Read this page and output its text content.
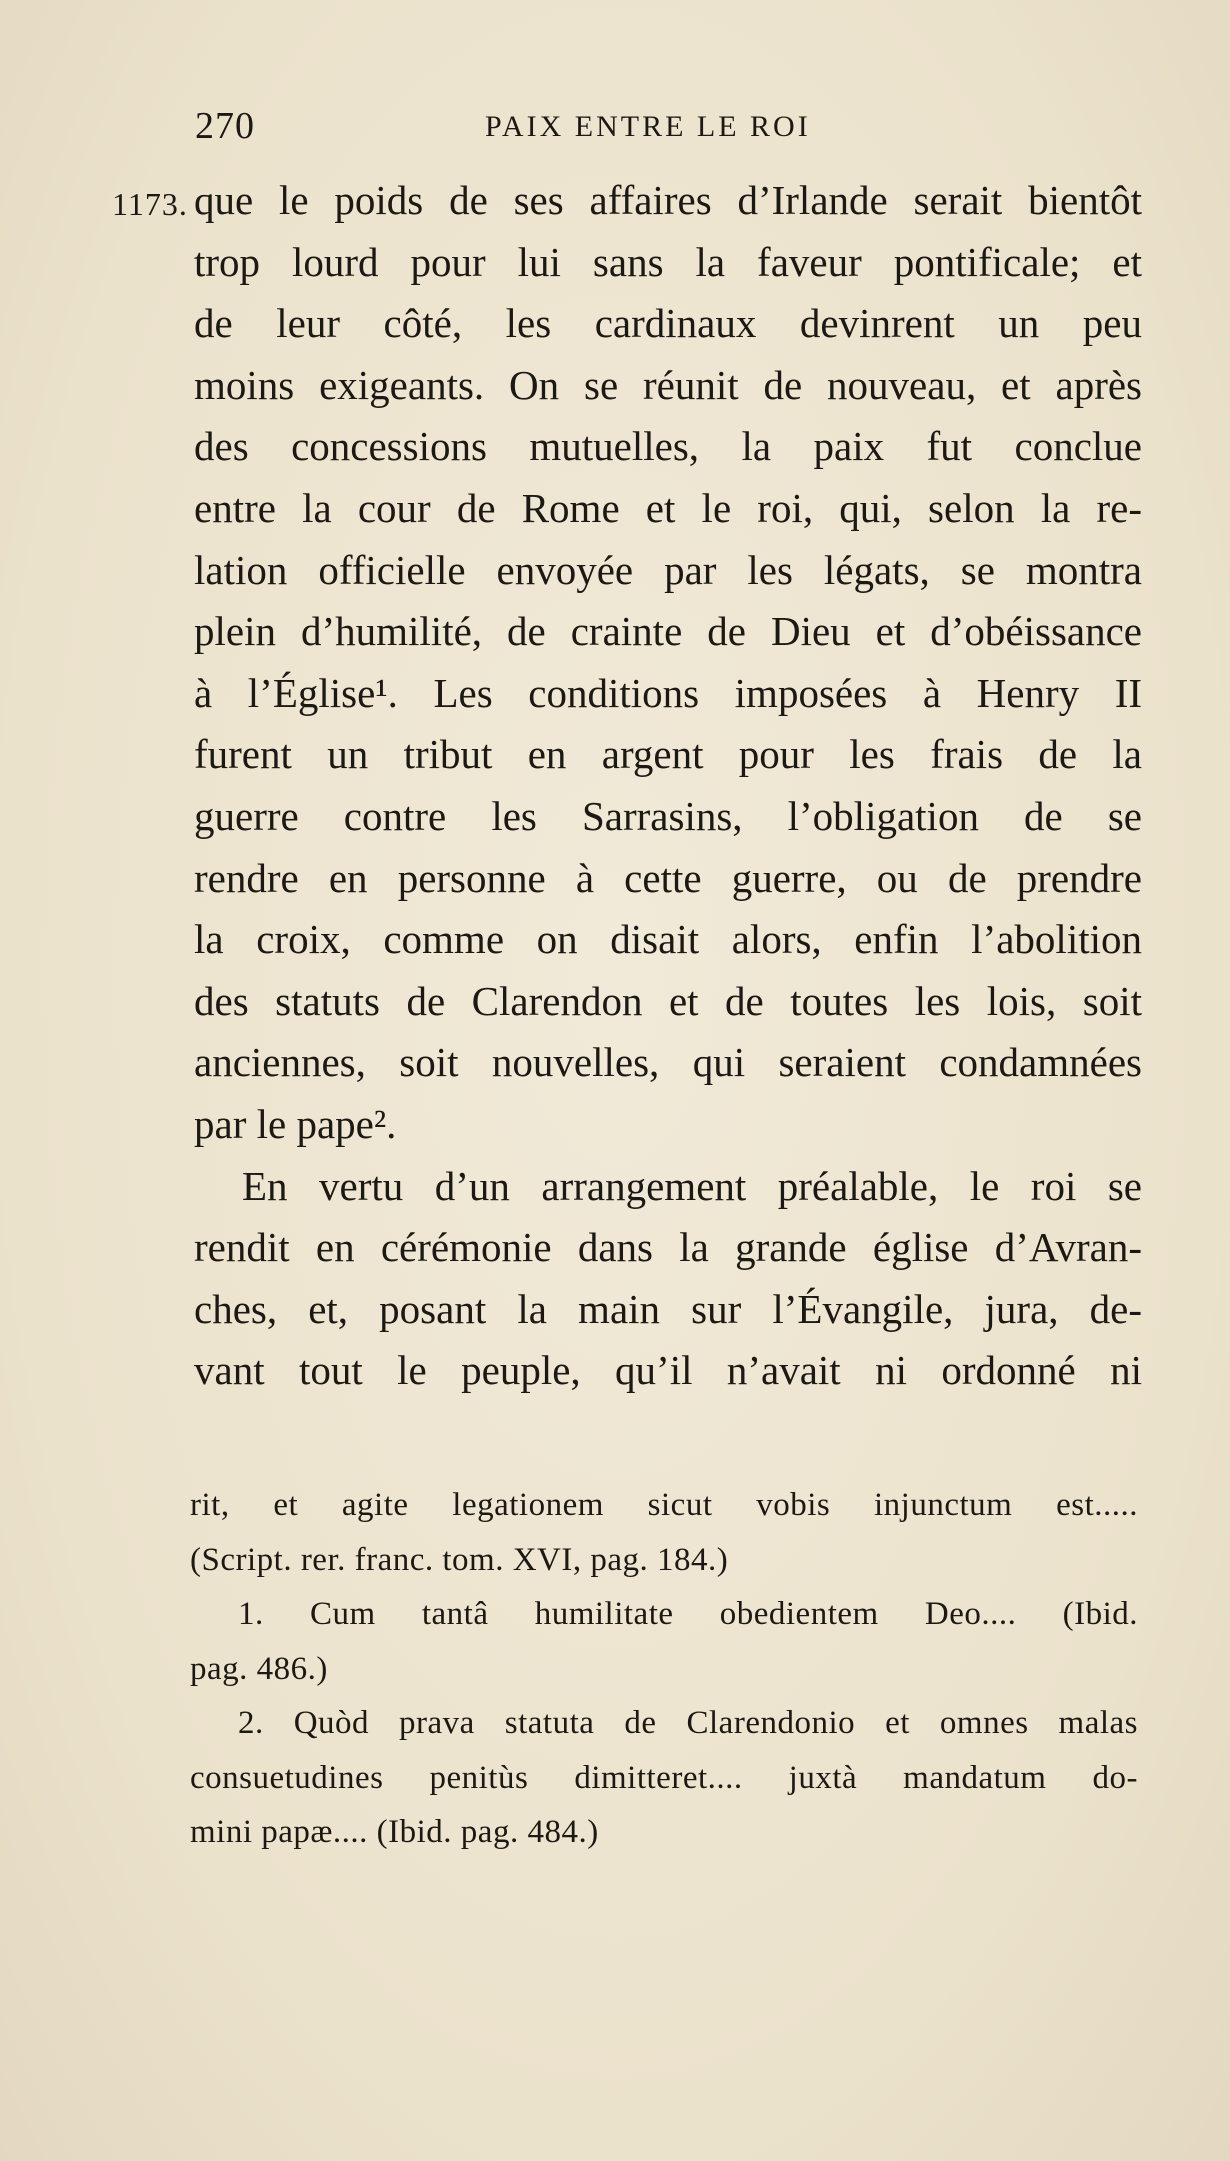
270	PAIX ENTRE LE ROI
1173. que le poids de ses affaires d’Irlande serait bientôt
trop lourd pour lui sans la faveur pontificale; et
de leur côté, les cardinaux devinrent un peu
moins exigeants. On se réunit de nouveau, et après
des concessions mutuelles, la paix fut conclue
entre la cour de Rome et le roi, qui, selon la re-
lation officielle envoyée par les légats, se montra
plein d’humilité, de crainte de Dieu et d’obéissance
à l’Église¹. Les conditions imposées à Henry II
furent un tribut en argent pour les frais de la
guerre contre les Sarrasins, l’obligation de se
rendre en personne à cette guerre, ou de prendre
la croix, comme on disait alors, enfin l’abolition
des statuts de Clarendon et de toutes les lois, soit
anciennes, soit nouvelles, qui seraient condamnées
par le pape².
En vertu d’un arrangement préalable, le roi se
rendit en cérémonie dans la grande église d’Avran-
ches, et, posant la main sur l’Évangile, jura, de-
vant tout le peuple, qu’il n’avait ni ordonné ni
rit, et agite legationem sicut vobis injunctum est.....
(Script. rer. franc. tom. XVI, pag. 184.)
1. Cum tantâ humilitate obedientem Deo.... (Ibid.
pag. 486.)
2. Quòd prava statuta de Clarendonio et omnes malas
consuetudines penitùs dimitteret.... juxtà mandatum do-
mini papæ.... (Ibid. pag. 484.)
